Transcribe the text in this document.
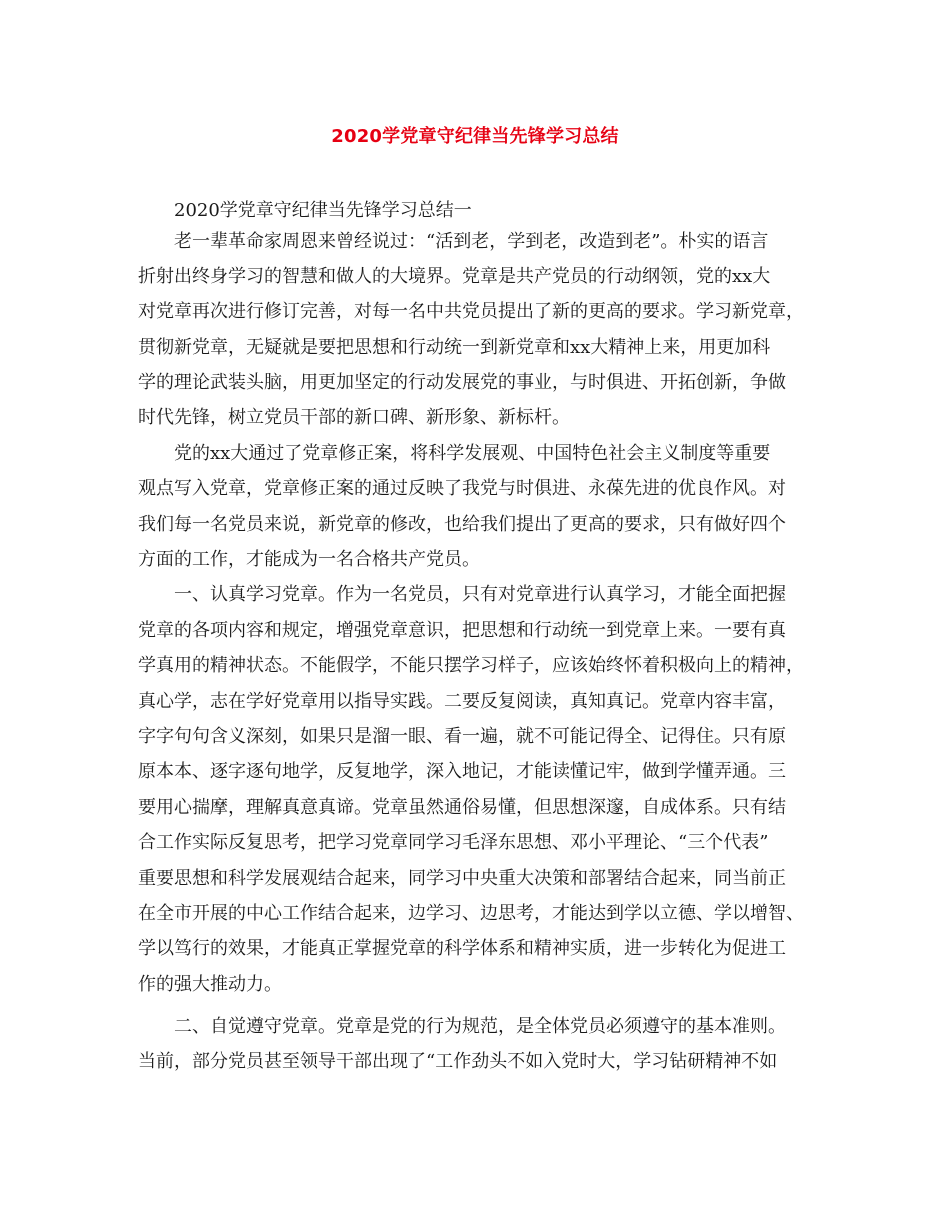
2020学党章守纪律当先锋学习总结
2020学党章守纪律当先锋学习总结一
老一辈革命家周恩来曾经说过：“活到老，学到老，改造到老”。朴实的语言
折射出终身学习的智慧和做人的大境界。党章是共产党员的行动纲领，党的xx大
对党章再次进行修订完善，对每一名中共党员提出了新的更高的要求。学习新党章，
贯彻新党章，无疑就是要把思想和行动统一到新党章和xx大精神上来，用更加科
学的理论武装头脑，用更加坚定的行动发展党的事业，与时俱进、开拓创新，争做
时代先锋，树立党员干部的新口碑、新形象、新标杆。
党的xx大通过了党章修正案，将科学发展观、中国特色社会主义制度等重要
观点写入党章，党章修正案的通过反映了我党与时俱进、永葆先进的优良作风。对
我们每一名党员来说，新党章的修改，也给我们提出了更高的要求，只有做好四个
方面的工作，才能成为一名合格共产党员。
一、认真学习党章。作为一名党员，只有对党章进行认真学习，才能全面把握
党章的各项内容和规定，增强党章意识，把思想和行动统一到党章上来。一要有真
学真用的精神状态。不能假学，不能只摆学习样子，应该始终怀着积极向上的精神，
真心学，志在学好党章用以指导实践。二要反复阅读，真知真记。党章内容丰富，
字字句句含义深刻，如果只是溜一眼、看一遍，就不可能记得全、记得住。只有原
原本本、逐字逐句地学，反复地学，深入地记，才能读懂记牢，做到学懂弄通。三
要用心揣摩，理解真意真谛。党章虽然通俗易懂，但思想深邃，自成体系。只有结
合工作实际反复思考，把学习党章同学习毛泽东思想、邓小平理论、“三个代表”
重要思想和科学发展观结合起来，同学习中央重大决策和部署结合起来，同当前正
在全市开展的中心工作结合起来，边学习、边思考，才能达到学以立德、学以增智、
学以笃行的效果，才能真正掌握党章的科学体系和精神实质，进一步转化为促进工
作的强大推动力。
二、自觉遵守党章。党章是党的行为规范，是全体党员必须遵守的基本准则。
当前，部分党员甚至领导干部出现了“工作劲头不如入党时大，学习钻研精神不如
